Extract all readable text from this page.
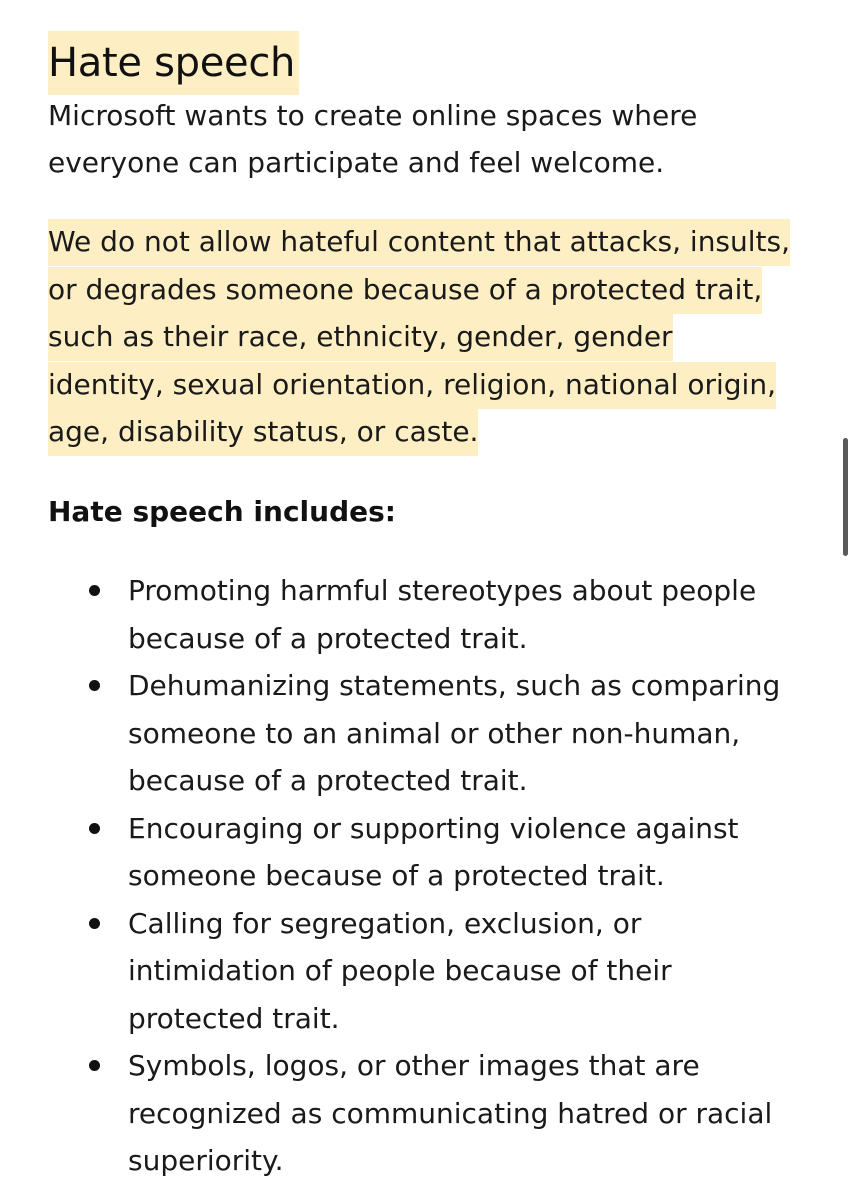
Hate speech

Microsoft wants to create online spaces where everyone can participate and feel welcome.

We do not allow hateful content that attacks, insults, or degrades someone because of a protected trait, such as their race, ethnicity, gender, gender identity, sexual orientation, religion, national origin, age, disability status, or caste.

Hate speech includes:
Promoting harmful stereotypes about people because of a protected trait.
Dehumanizing statements, such as comparing someone to an animal or other non-human, because of a protected trait.
Encouraging or supporting violence against someone because of a protected trait.
Calling for segregation, exclusion, or intimidation of people because of their protected trait.
Symbols, logos, or other images that are recognized as communicating hatred or racial superiority.
